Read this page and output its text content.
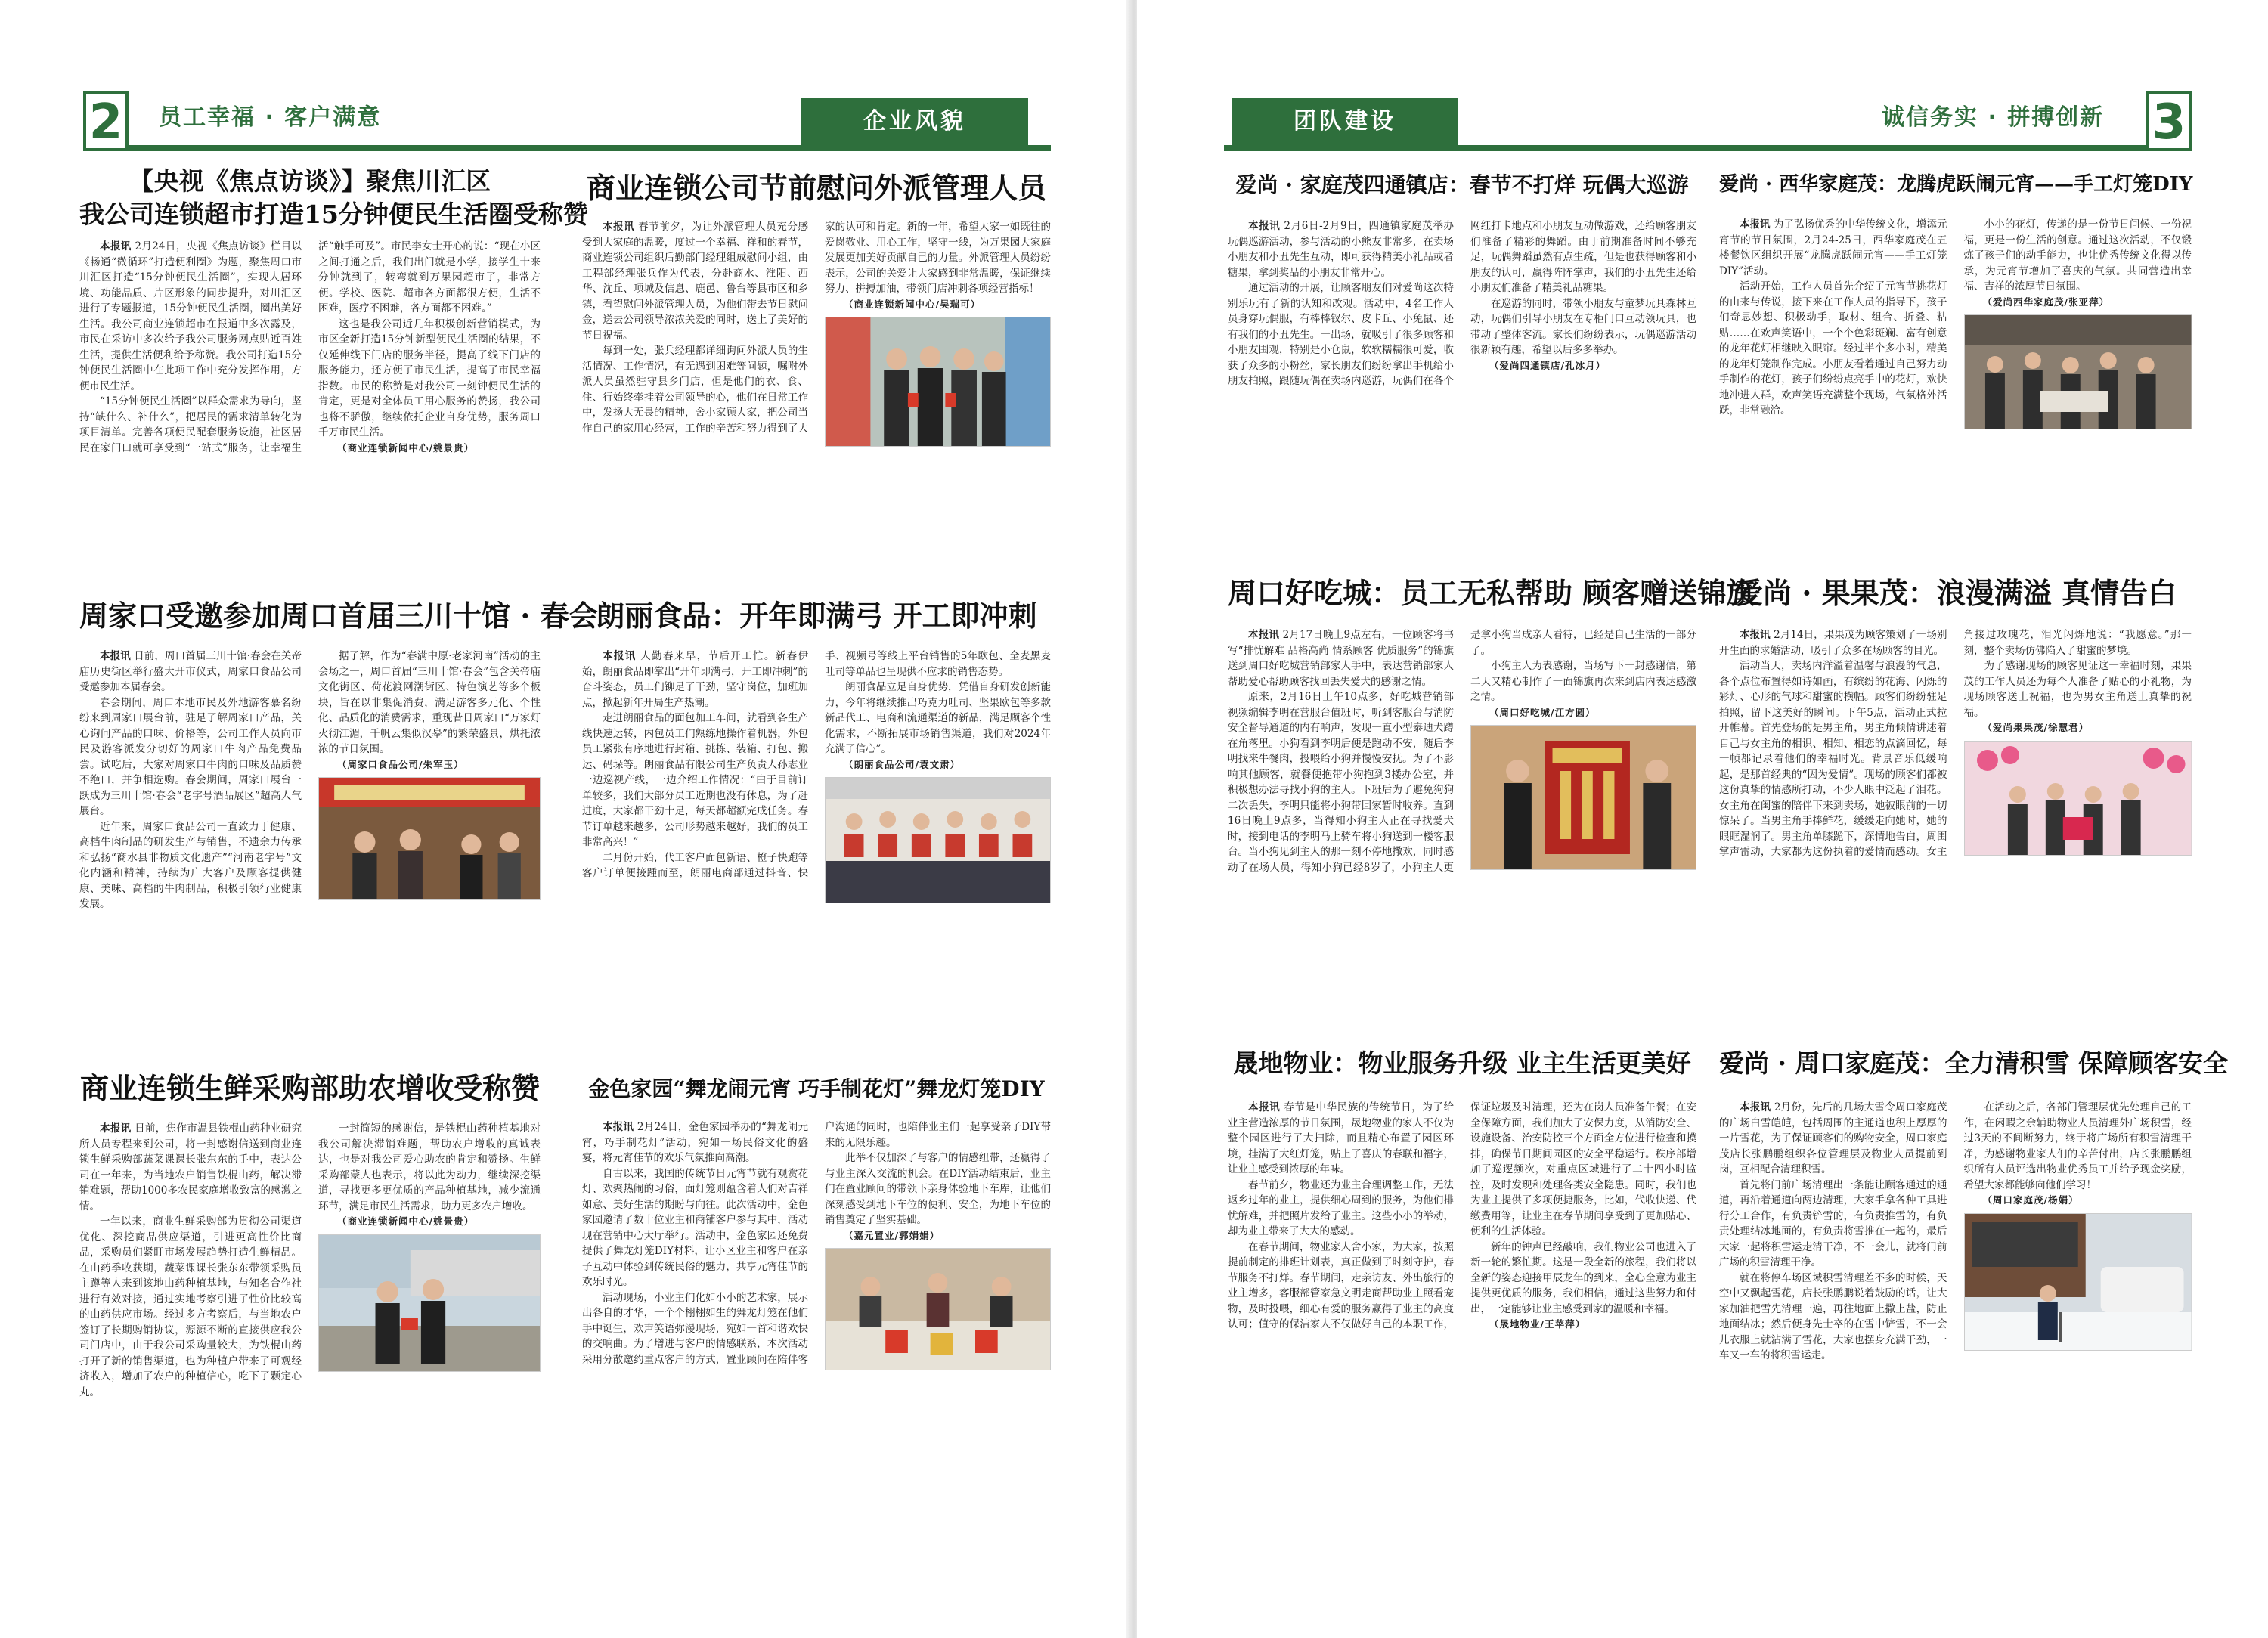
2 员工幸福 · 客户满意	企业风貌
【央视《焦点访谈》】聚焦川汇区
我公司连锁超市打造15分钟便民生活圈受称赞

本报讯 2月24日，央视《焦点访谈》栏目以《畅通“微循环”打造便利圈》为题，聚焦周口市川汇区打造“15分钟便民生活圈”，实现人居环境、功能品质、片区形象的同步提升，对川汇区进行了专题报道，15分钟便民生活圈，圈出美好生活。我公司商业连锁超市在报道中多次露及，市民在采访中多次给予我公司服务网点贴近百姓生活，提供生活便利给予称赞。我公司打造15分钟便民生活圈中在此项工作中充分发挥作用，方便市民生活。

“15分钟便民生活圈”以群众需求为导向，坚持“缺什么、补什么”，把居民的需求清单转化为项目清单。完善各项便民配套服务设施，社区居民在家门口就可享受到“一站式”服务，让幸福生活“触手可及”。市民李女士开心的说：“现在小区之间打通之后，我们出门就是小学，接学生十来分钟就到了，转弯就到万果园超市了，非常方便。学校、医院、超市各方面都很方便，生活不困难，医疗不困难，各方面都不困难。”

这也是我公司近几年积极创新营销模式，为市区全新打造15分钟新型便民生活圈的结果，不仅延伸线下门店的服务半径，提高了线下门店的服务能力，还方便了市民生活，提高了市民幸福指数。市民的称赞是对我公司一刻钟便民生活的肯定，更是对全体员工用心服务的赞扬，我公司也将不骄傲，继续依托企业自身优势，服务周口千万市民生活。

（商业连锁新闻中心/姚景贵）

商业连锁公司节前慰问外派管理人员

本报讯 春节前夕，为让外派管理人员充分感受到大家庭的温暖，度过一个幸福、祥和的春节，商业连锁公司组织后勤部门经理组成慰问小组，由工程部经理张兵作为代表，分赴商水、淮阳、西华、沈丘、项城及信息、鹿邑、鲁台等县市区和乡镇，看望慰问外派管理人员，为他们带去节日慰问金，送去公司领导浓浓关爱的同时，送上了美好的节日祝福。

每到一处，张兵经理都详细询问外派人员的生活情况、工作情况，有无遇到困难等问题，嘱咐外派人员虽然驻守县乡门店，但是他们的衣、食、住、行始终牵挂着公司领导的心，他们在日常工作中，发扬大无畏的精神，舍小家顾大家，把公司当作自己的家用心经营，工作的辛苦和努力得到了大家的认可和肯定。新的一年，希望大家一如既往的爱岗敬业、用心工作，坚守一线，为万果园大家庭发展更加美好贡献自己的力量。外派管理人员纷纷表示，公司的关爱让大家感到非常温暖，保证继续努力、拼搏加油，带领门店冲刺各项经营指标！

（商业连锁新闻中心/吴瑞可）

周家口受邀参加周口首届三川十馆 · 春会

本报讯 日前，周口首届三川十馆·春会在关帝庙历史街区举行盛大开市仪式，周家口食品公司受邀参加本届春会。

春会期间，周口本地市民及外地游客慕名纷纷来到周家口展台前，驻足了解周家口产品，关心询问产品的口味、价格等，公司工作人员向市民及游客派发分切好的周家口牛肉产品免费品尝。试吃后，大家对周家口牛肉的口味及品质赞不绝口，并争相选购。春会期间，周家口展台一跃成为三川十馆·春会“老字号酒品展区”超高人气展台。

近年来，周家口食品公司一直致力于健康、高档牛肉制品的研发生产与销售，不遗余力传承和弘扬“商水县非物质文化遗产”“河南老字号”文化内涵和精神，持续为广大客户及顾客提供健康、美味、高档的牛肉制品，积极引领行业健康发展。

据了解，作为“春满中原·老家河南”活动的主会场之一，周口首届“三川十馆·春会”包含关帝庙文化街区、荷花渡网潮街区、特色演艺等多个板块，旨在以非集促消费，满足游客多元化、个性化、品质化的消费需求，重现昔日周家口“万家灯火彻江湄，千帆云集似汉皋”的繁荣盛景，烘托浓浓的节日氛围。

（周家口食品公司/朱军玉）

朗丽食品：开年即满弓 开工即冲刺

本报讯 人勤春来早，节后开工忙。新春伊始，朗丽食品即掌出“开年即满弓，开工即冲刺”的奋斗姿态，员工们铆足了干劲，坚守岗位，加班加点，掀起新年开局生产热潮。

走进朗丽食品的面包加工车间，就看到各生产线快速运转，内包员工们熟练地操作着机器，外包员工紧张有序地进行封箱、挑拣、装箱、打包、搬运、码垛等。朗丽食品有限公司生产负责人孙志业一边巡视产线，一边介绍工作情况：“由于目前订单较多，我们大部分员工近期也没有休息，为了赶进度，大家都干劲十足，每天都超额完成任务。春节订单越来越多，公司形势越来越好，我们的员工非常高兴！”

二月份开始，代工客户面包新语、橙子快跑等客户订单便接踵而至，朗丽电商部通过抖音、快手、视频号等线上平台销售的5年欧包、全麦黑麦吐司等单品也呈现供不应求的销售态势。

朗丽食品立足自身优势，凭借自身研发创新能力，今年将继续推出巧克力吐司、坚果欧包等多款新品代工、电商和流通渠道的新品，满足顾客个性化需求，不断拓展市场销售渠道，我们对2024年充满了信心”。

（朗丽食品公司/袁文肃）

商业连锁生鲜采购部助农增收受称赞

本报讯 日前，焦作市温县铁棍山药种业研究所人员专程来到公司，将一封感谢信送到商业连锁生鲜采购部蔬菜课课长张东东的手中，表达公司在一年来，为当地农户销售铁棍山药，解决滞销难题，帮助1000多农民家庭增收致富的感激之情。

一年以来，商业生鲜采购部为贯彻公司渠道优化、深挖商品供应渠道，引进更高性价比商品，采购员们紧盯市场发展趋势打造生鲜精品。在山药季收获期，蔬菜课课长张东东带领采购员主蹲等人来到该地山药种植基地，与知名合作社进行有效对接，通过实地考察引进了性价比较高的山药供应市场。经过多方考察后，与当地农户签订了长期购销协议，源源不断的直接供应我公司门店中，由于我公司采购量较大，为铁棍山药打开了新的销售渠道，也为种植户带来了可观经济收入，增加了农户的种植信心，吃下了颗定心丸。

一封简短的感谢信，是铁棍山药种植基地对我公司解决滞销难题，帮助农户增收的真诚表达，也是对我公司爱心助农的肯定和赞扬。生鲜采购部蒙人也表示，将以此为动力，继续深挖渠道，寻找更多更优质的产品种植基地，减少流通环节，满足市民生活需求，助力更多农户增收。

（商业连锁新闻中心/姚景贵）

金色家园“舞龙闹元宵 巧手制花灯”舞龙灯笼DIY

本报讯 2月24日，金色家园举办的“舞龙闹元宵，巧手制花灯”活动，宛如一场民俗文化的盛宴，将元宵佳节的欢乐气氛推向高潮。

自古以来，我国的传统节日元宵节就有观赏花灯、欢聚热闹的习俗，面灯笼则蕴含着人们对吉祥如意、美好生活的期盼与向往。此次活动中，金色家园邀请了数十位业主和商铺客户参与其中，活动现在营销中心大厅举行。活动中，金色家园还免费提供了舞龙灯笼DIY材料，让小区业主和客户在亲子互动中体验到传统民俗的魅力，共享元宵佳节的欢乐时光。

活动现场，小业主们化如小小的艺术家，展示出各自的才华，一个个栩栩如生的舞龙灯笼在他们手中诞生，欢声笑语弥漫现场，宛如一首和谐欢快的交响曲。为了增进与客户的情感联系，本次活动采用分散邀约重点客户的方式，置业顾问在陪伴客户沟通的同时，也陪伴业主们一起享受亲子DIY带来的无限乐趣。

此举不仅加深了与客户的情感纽带，还赢得了与业主深入交流的机会。在DIY活动结束后，业主们在置业顾问的带领下亲身体验地下车库，让他们深刻感受到地下车位的便利、安全，为地下车位的销售奠定了坚实基础。

（嘉元置业/郭娟娟）

团队建设	诚信务实 · 拼搏创新 3
爱尚 · 家庭茂四通镇店：春节不打烊 玩偶大巡游

本报讯 2月6日-2月9日，四通镇家庭茂举办玩偶巡游活动，参与活动的小熊友非常多，在卖场小朋友和小丑先生互动，即可获得精美小礼品或者糖果，拿到奖品的小朋友非常开心。

通过活动的开展，让顾客朋友们对爱尚这次特别乐玩有了新的认知和改观。活动中，4名工作人员身穿玩偶服，有棒棒钗尔、皮卡丘、小兔鼠、还有我们的小丑先生。一出场，就吸引了很多顾客和小朋友围观，特别是小仓鼠，软软糯糯很可爱，收获了众多的小粉丝，家长朋友们纷纷拿出手机给小朋友拍照，跟随玩偶在卖场内巡游，玩偶们在各个网红打卡地点和小朋友互动做游戏，还给顾客朋友们准备了精彩的舞蹈。由于前期准备时间不够充足，玩偶舞蹈虽然有点生疏，但是也获得顾客和小朋友的认可，赢得阵阵掌声，我们的小丑先生还给小朋友们准备了精美礼品糖果。

在巡游的同时，带领小朋友与童梦玩具森林互动，玩偶们引导小朋友在专柜门口互动领玩具，也带动了整体客流。家长们纷纷表示，玩偶巡游活动很新颖有趣，希望以后多多举办。

（爱尚四通镇店/孔冰月）

爱尚 · 西华家庭茂：龙腾虎跃闹元宵——手工灯笼DIY

本报讯 为了弘扬优秀的中华传统文化，增添元宵节的节日氛围，2月24-25日，西华家庭茂在五楼餐饮区组织开展“龙腾虎跃闹元宵——手工灯笼DIY”活动。

活动开始，工作人员首先介绍了元宵节挑花灯的由来与传说，接下来在工作人员的指导下，孩子们奇思妙想、积极动手，取材、组合、折叠、粘贴……在欢声笑语中，一个个色彩斑斓、富有创意的龙年花灯相继映入眼帘。经过半个多小时，精美的龙年灯笼制作完成。小朋友看着通过自己努力动手制作的花灯，孩子们纷纷点亮手中的花灯，欢快地冲进人群，欢声笑语充满整个现场，气氛格外活跃，非常融洽。

小小的花灯，传递的是一份节日问候、一份祝福，更是一份生活的创意。通过这次活动，不仅锻炼了孩子们的动手能力，也让优秀传统文化得以传承，为元宵节增加了喜庆的气氛。共同营造出幸福、吉祥的浓厚节日氛围。

（爱尚西华家庭茂/张亚萍）

周口好吃城：员工无私帮助 顾客赠送锦旗

本报讯 2月17日晚上9点左右，一位顾客将书写“排忧解难 品格高尚 情系顾客 优质服务”的锦旗送到周口好吃城营销部家人手中，表达营销部家人帮助爱心帮助顾客找回丢失爱犬的感谢之情。

原来，2月16日上午10点多，好吃城营销部视频编辑李明在营服台值班时，听到客服台与消防安全督导通道的内有响声，发现一直小型泰迪犬蹲在角落里。小狗看到李明后便是跑动不安，随后李明找来牛餐肉，投喂给小狗并慢慢安抚。为了不影响其他顾客，就餐便抱带小狗抱到3楼办公室，并积极想办法寻找小狗的主人。下班后为了避免狗狗二次丢失，李明只能将小狗带回家暂时收养。直到16日晚上9点多，当得知小狗主人正在寻找爱犬时，接到电话的李明马上骑车将小狗送到一楼客服台。当小狗见到主人的那一刻不停地撒欢，同时感动了在场人员，得知小狗已经8岁了，小狗主人更是拿小狗当成亲人看待，已经是自己生活的一部分了。

小狗主人为表感谢，当场写下一封感谢信，第二天又精心制作了一面锦旗再次来到店内表达感激之情。

（周口好吃城/江方圆）

爱尚 · 果果茂：浪漫满溢 真情告白

本报讯 2月14日，果果茂为顾客策划了一场别开生面的求婚活动，吸引了众多在场顾客的目光。

活动当天，卖场内洋溢着温馨与浪漫的气息，各个点位布置得如诗如画，有缤纷的花海、闪烁的彩灯、心形的气球和甜蜜的横幅。顾客们纷纷驻足拍照，留下这美好的瞬间。下午5点，活动正式拉开帷幕。首先登场的是男主角，男主角倾情讲述着自己与女主角的相识、相知、相恋的点滴回忆，每一帧都记录着他们的幸福时光。背景音乐低缓响起，是那首经典的“因为爱情”。现场的顾客们都被这份真挚的情感所打动，不少人眼中泛起了泪花。女主角在闺蜜的陪伴下来到卖场，她被眼前的一切惊呆了。当男主角手捧鲜花，缓缓走向她时，她的眼眶湿润了。男主角单膝跪下，深情地告白，周围掌声雷动，大家都为这份执着的爱情而感动。女主角接过玫瑰花，泪光闪烁地说：“我愿意。”那一刻，整个卖场仿佛陷入了甜蜜的梦境。

为了感谢现场的顾客见证这一幸福时刻，果果茂的工作人员还为每个人准备了贴心的小礼物，为现场顾客送上祝福，也为男女主角送上真挚的祝福。

（爱尚果果茂/徐慧君）

晟地物业：物业服务升级 业主生活更美好

本报讯 春节是中华民族的传统节日，为了给业主营造浓厚的节日氛围，晟地物业的家人不仅为整个园区进行了大扫除，而且精心布置了园区环境，挂满了大红灯笼，贴上了喜庆的春联和福字，让业主感受到浓厚的年味。

春节前夕，物业还为业主合理调整工作，无法返乡过年的业主，提供细心周到的服务，为他们排忧解难，并把照片发给了业主。这些小小的举动，却为业主带来了大大的感动。

在春节期间，物业家人舍小家，为大家，按照提前制定的排班计划表，真正做到了时刻守护，春节服务不打烊。春节期间，走亲访友、外出旅行的业主增多，客服部管家急文明走商帮助业主照看宠物，及时投喂，细心有爱的服务赢得了业主的高度认可；值守的保洁家人不仅做好自己的本职工作，保证垃圾及时清理，还为在岗人员准备午餐；在安全保障方面，我们加大了安保力度，从消防安全、设施设备、治安防控三个方面全方位进行检查和摸排，确保节日期间园区的安全平稳运行。秩序部增加了巡逻频次，对重点区域进行了二十四小时监控，及时发现和处理各类安全隐患。同时，我们也为业主提供了多项便捷服务，比如，代收快递、代缴费用等，让业主在春节期间享受到了更加贴心、便利的生活体验。

新年的钟声已经敲响，我们物业公司也进入了新一轮的繁忙期。这是一段全新的旅程，我们将以全新的姿态迎接甲辰龙年的到来，全心全意为业主提供更优质的服务，我们相信，通过这些努力和付出，一定能够让业主感受到家的温暖和幸福。

（晟地物业/王苹萍）

爱尚 · 周口家庭茂：全力清积雪 保障顾客安全

本报讯 2月份，先后的几场大雪令周口家庭茂的广场白雪皑皑，包括周围的主通道也积上厚厚的一片雪花，为了保证顾客们的购物安全，周口家庭茂店长张鹏鹏组织各位管理层及物业人员提前到岗，互相配合清理积雪。

首先将门前广场清理出一条能让顾客通过的通道，再沿着通道向两边清理，大家手拿各种工具进行分工合作，有负责铲雪的，有负责推雪的，有负责处理结冰地面的，有负责将雪推在一起的，最后大家一起将积雪运走清干净，不一会儿，就将门前广场的积雪清理干净。

就在将停车场区域积雪清理差不多的时候，天空中又飘起雪花，店长张鹏鹏说着鼓励的话，让大家加油把雪先清理一遍，再往地面上撒上盐，防止地面结冰；然后便身先士卒的在雪中铲雪，不一会儿衣服上就沾满了雪花，大家也摆身充满干劲，一车又一车的将积雪运走。

在活动之后，各部门管理层优先处理自己的工作，在闲暇之余辅助物业人员清理外广场积雪，经过3天的不间断努力，终于将广场所有积雪清理干净，为感谢物业家人们的辛苦付出，店长张鹏鹏组织所有人员评选出物业优秀员工并给予现金奖励，希望大家都能够向他们学习！

（周口家庭茂/杨娟）
